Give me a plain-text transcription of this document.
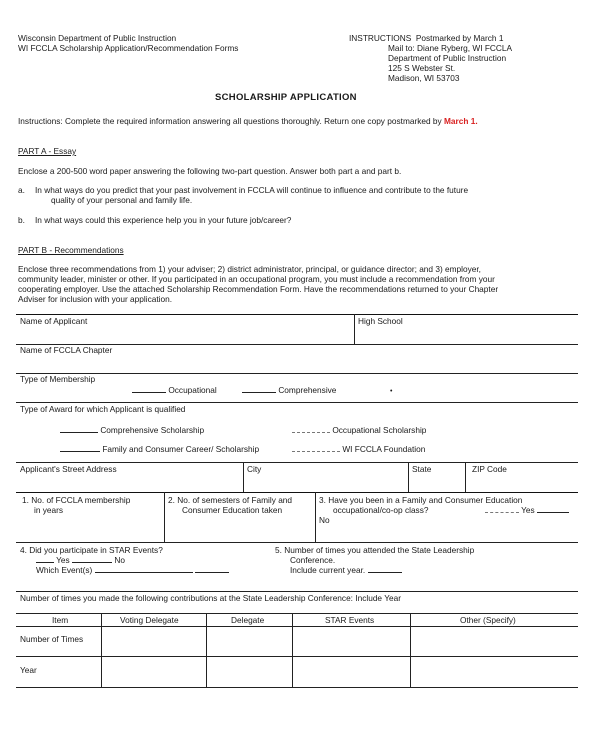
Wisconsin Department of Public Instruction
WI FCCLA Scholarship Application/Recommendation Forms
INSTRUCTIONS Postmarked by March 1
Mail to: Diane Ryberg, WI FCCLA
Department of Public Instruction
125 S Webster St.
Madison, WI 53703
SCHOLARSHIP APPLICATION
Instructions: Complete the required information answering all questions thoroughly. Return one copy postmarked by March 1.
PART A - Essay
Enclose a 200-500 word paper answering the following two-part question. Answer both part a and part b.
a. In what ways do you predict that your past involvement in FCCLA will continue to influence and contribute to the future
quality of your personal and family life.
b. In what ways could this experience help you in your future job/career?
PART B - Recommendations
Enclose three recommendations from 1) your adviser; 2) district administrator, principal, or guidance director; and 3) employer,
community leader, minister or other. If you participated in an occupational program, you must include a recommendation from your
cooperating employer. Use the attached Scholarship Recommendation Form. Have the recommendations returned to your Chapter
Adviser for inclusion with your application.
Name of Applicant	High School
Name of FCCLA Chapter
Type of Membership
Occupational	Comprehensive	•
Type of Award for which Applicant is qualified
Comprehensive Scholarship	Occupational Scholarship
Family and Consumer Career/ Scholarship	WI FCCLA Foundation
Applicant's Street Address	City	State	ZIP Code
1. No. of FCCLA membership
in years
2. No. of semesters of Family and
Consumer Education taken
3. Have you been in a Family and Consumer Education
occupational/co-op class?	Yes
No
4. Did you participate in STAR Events?
Yes	No
Which Event(s)
5. Number of times you attended the State Leadership
Conference.
Include current year.
Number of times you made the following contributions at the State Leadership Conference: Include Year
Item	Voting Delegate	Delegate	STAR Events	Other (Specify)
Number of Times
Year
